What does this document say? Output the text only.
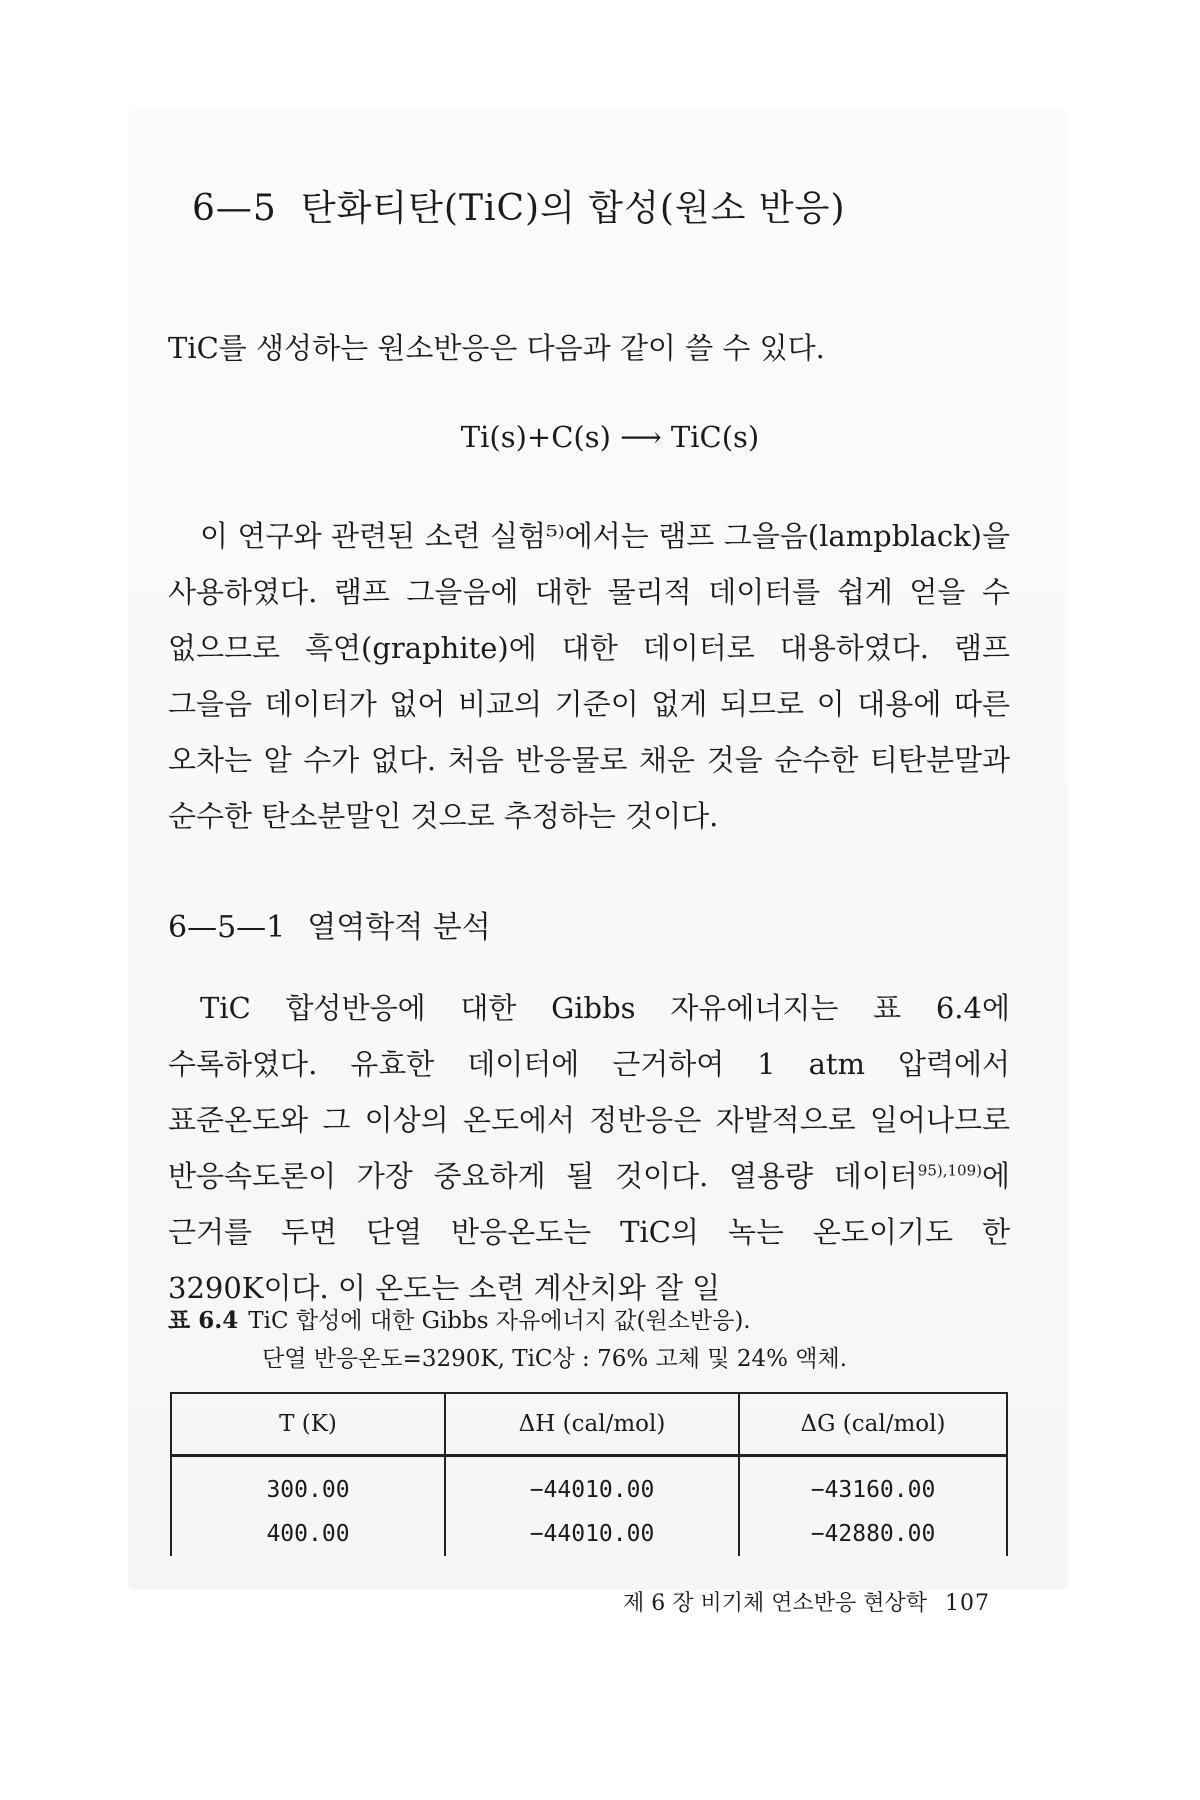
6—5 탄화티탄(TiC)의 합성(원소 반응)
TiC를 생성하는 원소반응은 다음과 같이 쓸 수 있다.
Ti(s)+C(s) ⟶ TiC(s)
이 연구와 관련된 소련 실험⁵⁾에서는 램프 그을음(lampblack)을 사용하였다. 램프 그을음에 대한 물리적 데이터를 쉽게 얻을 수 없으므로 흑연(graphite)에 대한 데이터로 대용하였다. 램프 그을음 데이터가 없어 비교의 기준이 없게 되므로 이 대용에 따른 오차는 알 수가 없다. 처음 반응물로 채운 것을 순수한 티탄분말과 순수한 탄소분말인 것으로 추정하는 것이다.
6—5—1 열역학적 분석
TiC 합성반응에 대한 Gibbs 자유에너지는 표 6.4에 수록하였다. 유효한 데이터에 근거하여 1 atm 압력에서 표준온도와 그 이상의 온도에서 정반응은 자발적으로 일어나므로 반응속도론이 가장 중요하게 될 것이다. 열용량 데이터$^{95),109)}$에 근거를 두면 단열 반응온도는 TiC의 녹는 온도이기도 한 3290K이다. 이 온도는 소련 계산치와 잘 일
표 6.4 TiC 합성에 대한 Gibbs 자유에너지 값(원소반응).
단열 반응온도=3290K, TiC상 : 76% 고체 및 24% 액체.
T (K)	ΔH (cal/mol)	ΔG (cal/mol)
300.00	−44010.00	−43160.00
400.00	−44010.00	−42880.00
제 6 장 비기체 연소반응 현상학 107
